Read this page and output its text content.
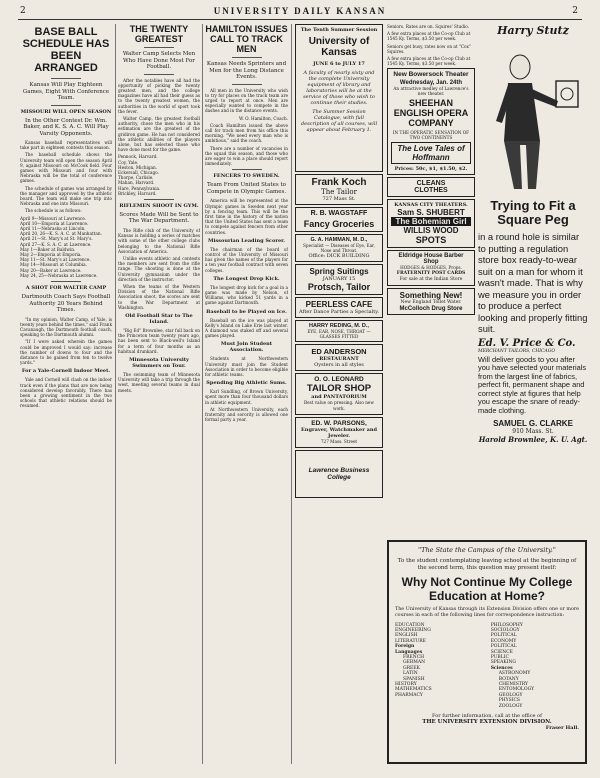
2	UNIVERSITY DAILY KANSAN	2
BASE BALL SCHEDULE HAS BEEN ARRANGED
Kansas Will Play Eighteen Games, Eight With Conference Team.
MISSOURI WILL OPEN SEASON
In the Other Contest Dr. Wm. Baker, and K. S. A. C. Will Play Varsity Opponents.

Kansas baseball representatives will take part in eighteen contests this season.

The baseball schedule shows the University team will open the season April 9, against Missouri on McCook field. Four games with Missouri and four with Nebraska will be the total of conference games.

The schedule of games was arranged by the manager and approved by the athletic board. The team will make one trip into Nebraska and one into Missouri.

The schedule is as follows:

April 9—Missouri at Lawrence.
April 10—Emporia at Lawrence.
April 11—Nebraska at Lincoln.
April 20, 26—K. S. A. C. at Manhattan.
April 21—St. Mary's at St. Mary's.
April 27—K. S. A. C. at Lawrence.
May 1—Baker at Baldwin.
May 2—Emporia at Emporia.
May 11—St. Mary's at Lawrence.
May 14—Missouri at Columbia.
May 20—Baker at Lawrence.
May 24, 25—Nebraska at Lawrence.
A SHOT FOR WALTER CAMP
Dartmouth Coach Says Football Authority 20 Years Behind Times.

"In my opinion, Walter Camp, of Yale, is twenty years behind the times," said Frank Cavanaugh, the Dartmouth football coach, speaking to the Dartmouth alumni.

"If I were asked wherein the games could be improved I would say: increase the number of downs to four and the distance to be gained from ten to twelve yards."

For a Yale-Cornell Indoor Meet.

Yale and Cornell will clash on the indoor track even if the plans that are now being considered develop favorably. There has been a growing sentiment in the two schools that athletic relations should be resumed.

THE TWENTY GREATEST
Walter Camp Selects Men Who Have Done Most For Football.

After the notables have all had the opportunity of picking the twenty greatest men, and the college magazines have all had their guess as to the twenty greatest women, the authorities in the world of sport took the fever.

Walter Camp, the greatest football authority, chose the men who in his estimation are the greatest of the gridiron game. He has not considered the athletic abilities of the players alone, but has selected those who have done most for the game.

Pennock, Harvard.
Coy, Yale.
Heston, Michigan.
Eckersall, Chicago.
Thorpe, Carlisle.
Mahan, Harvard.
Hare, Pennsylvania.
Brickley, Harvard.
RIFLEMEN SHOOT IN GYM.
Scores Made Will be Sent to The War Department.

The Rifle club of the University of Kansas is holding a series of matches with some of the other college clubs belonging to the National Rifle Association of America.

Unlike events athletic and contests the members are sent from the rifle range. The shooting is done at the University gymnasium under the direction of the instructor.

When the teams of the Western Division of the National Rifle Association shoot, the scores are sent to the War Department at Washington.

Old Football Star to The Island.

"Big Ed" Brownlee, star full back on the Princeton team twenty years ago, has been sent to Black-well's Island for a term of four months as an habitual drunkard.

Minnesota University Swimmers on Tour.

The swimming team of Minnesota University will take a trip through the west, meeting several teams in dual meets.

HAMILTON ISSUES CALL TO TRACK MEN
Kansas Needs Sprinters and Men for the Long Distance Events.

All men in the University who wish to try for places on the track team are urged to report at once. Men are especially wanted to compete in the dashes and in the distance events.

W. O. Hamilton, Coach.

Coach Hamilton issued the above call for track men from his office this morning. "We need every man who is ambitious," said the coach.

There are a number of vacancies in the squad this season, and those who are eager to win a place should report immediately.

FENCERS TO SWEDEN.
Team From United States to Compete in Olympic Games.

America will be represented at the Olympic games in Sweden next year by a fencing team. This will be the first time in the history of the nation that the United States has sent a team to compete against fencers from other countries.

Missourian Leading Scorer.

The chairman of the board of control of the University of Missouri has given the names of the players for a ten year football contract with seven colleges.

The Longest Drop Kick.

The longest drop kick for a goal in a game was made by Nelson, of Williams, who kicked 51 yards in a game against Dartmouth.

Baseball to be Played on Ice.

Baseball on the ice was played at Kelly's Island on Lake Erie last winter. A diamond was staked off and several games played.

Must Join Student Association.

Students at Northwestern University must join the Student Association in order to become eligible for athletic teams.

Spending Big Athletic Sums.

Karl Sundling, of Brown University, spent more than four thousand dollars in athletic equipment.

At Northwestern University, each fraternity and sorority is allowed one formal party a year.

The Tenth Summer Session
University of Kansas
JUNE 6 to JULY 17
A faculty of nearly sixty and the complete University equipment of library and laboratories will be at the service of those who wish to continue their studies.
The Summer Session Catalogue, with full description of all courses, will appear about February 1.
Frank Koch
The Tailor
727 Mass St.
R. B. WAGSTAFF
Fancy Groceries
G. A. HAMMAN, M. D.,
Specialist — Diseases of Eye, Ear, Nose and Throat.
Office: DICK BUILDING
Spring Suitings
JANUARY 15
Protsch, Tailor
PEERLESS CAFE
After Dance Parties a Specialty.
HARRY REDING, M. D.,
EYE, EAR, NOSE, THROAT — GLASSES FITTED
ED ANDERSON
RESTAURANT
Oysters in all styles
O. O. LEONARD
TAILOR SHOP
and PANTATORIUM
Best value on pressing. Also new work.
ED. W. PARSONS,
Engraver, Watchmaker and Jeweler.
727 Mass. Street
Lawrence Business College
Seniors. Rates are on. Squires' Studio.
A few extra places at the Co-op Club at 1545 Ky. Terms, $3.50 per week.
Seniors get busy, rates now on at "Cox" Squires.
A few extra places at the Co-op Club at 1545 Ky. Terms, $3.50 per week.
New Bowersock Theater
Wednesday, Jan. 24th
An attractive medley of Lawrence's new theater.
SHEEHAN ENGLISH OPERA COMPANY
IN THE OPERATIC SENSATION OF TWO CONTINENTS
The Love Tales of Hoffmann
Prices: 50c, $1, $1.50, $2.
CLEANS
CLOTHES
KANSAS CITY THEATERS.
Sam S. SHUBERT
The Bohemian Girl
WILLIS WOOD
SPOTS
Eldridge House Barber Shop
HODGES & HODGES, Props.
FRATERNITY POST CARDS
For sale at the Indian Store
Something New!
New England Toilet Water.
McColloch Drug Store
Harry Stutz
Trying to Fit a Square Peg
in a round hole is similar to putting a regulation store box ready-to-wear suit on a man for whom it wasn't made. That is why we measure you in order to produce a perfect looking and properly fitting suit.
Ed. V. Price & Co.
MERCHANT TAILORS, CHICAGO
Will deliver goods to you after you have selected your materials from the largest line of fabrics, perfect fit, permanent shape and correct style at figures that help you escape the snare of ready-made clothing.
SAMUEL G. CLARKE
910 Mass. St.
Harold Brownlee, K. U. Agt.
"The State the Campus of the University."
To the student contemplating leaving school at the beginning of the second term, this question may present itself:
Why Not Continue My College Education at Home?
The University of Kansas through its Extension Division offers one or more courses in each of the following lines for correspondence instruction:
EDUCATION
ENGINEERING
ENGLISH LITERATURE
Foreign Languages
FRENCH
GERMAN
GREEK
LATIN
SPANISH
HISTORY
MATHEMATICS
PHARMACY
PHILOSOPHY
SOCIOLOGY
POLITICAL ECONOMY
POLITICAL SCIENCE
PUBLIC SPEAKING
Sciences
ASTRONOMY
BOTANY
CHEMISTRY
ENTOMOLOGY
GEOLOGY
PHYSICS
ZOOLOGY
For further information, call at the office of
THE UNIVERSITY EXTENSION DIVISION.
Fraser Hall.
